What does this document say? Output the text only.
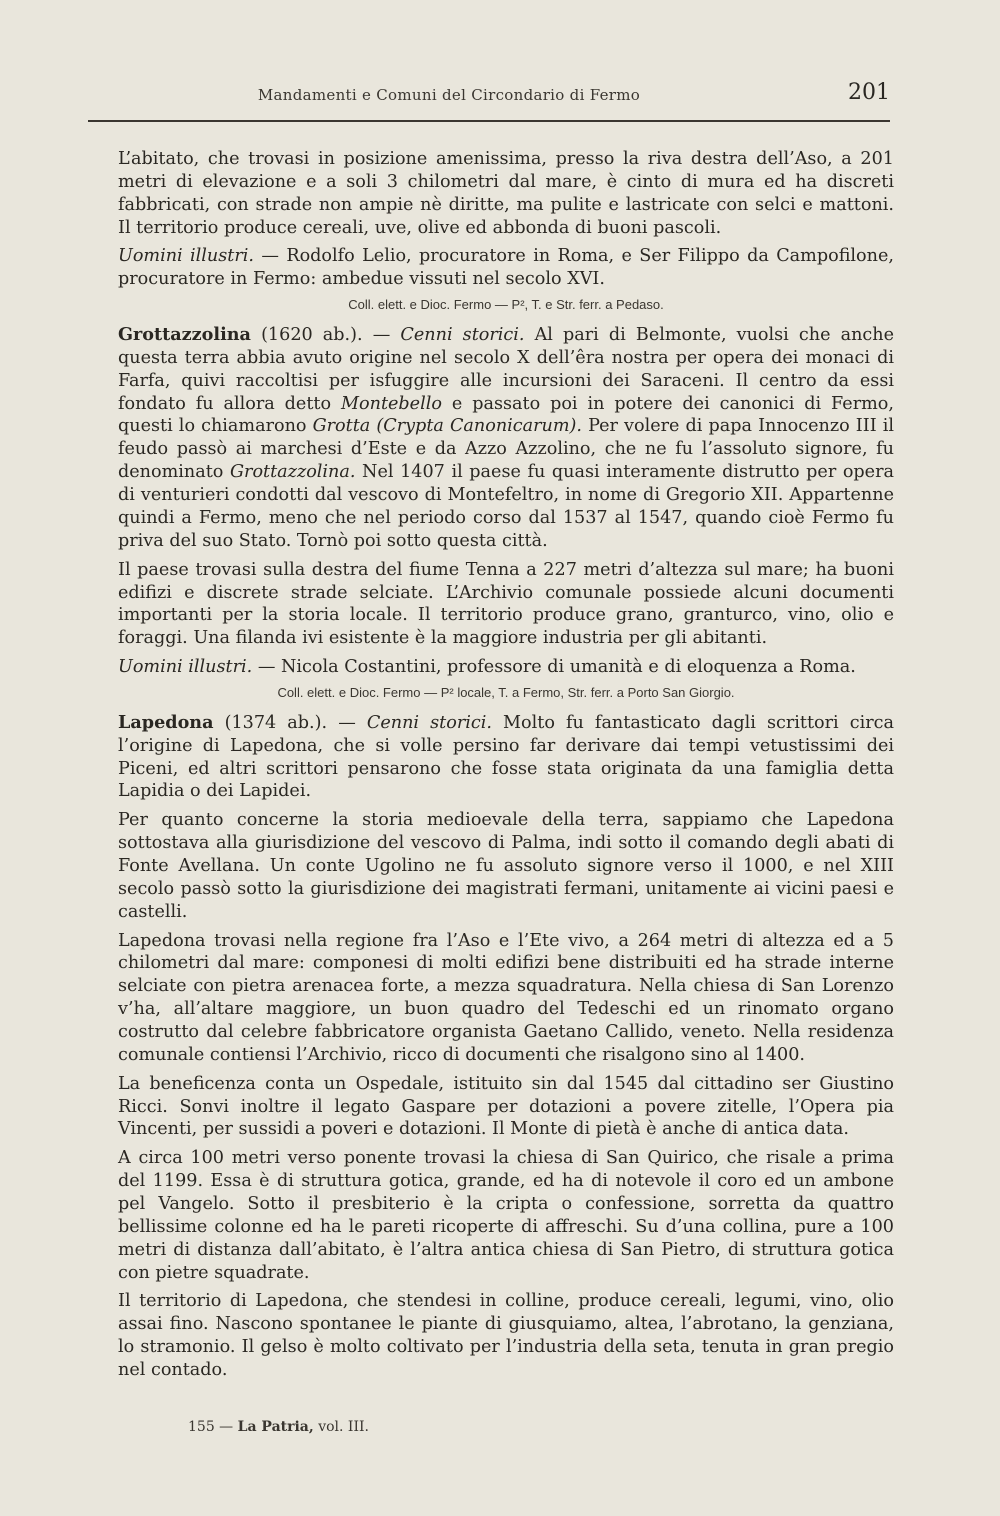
Mandamenti e Comuni del Circondario di Fermo	201

L’abitato, che trovasi in posizione amenissima, presso la riva destra dell’Aso, a 201 metri di elevazione e a soli 3 chilometri dal mare, è cinto di mura ed ha discreti fabbricati, con strade non ampie nè diritte, ma pulite e lastricate con selci e mattoni. Il territorio produce cereali, uve, olive ed abbonda di buoni pascoli.

Uomini illustri. — Rodolfo Lelio, procuratore in Roma, e Ser Filippo da Campofilone, procuratore in Fermo: ambedue vissuti nel secolo XVI.

Coll. elett. e Dioc. Fermo — P², T. e Str. ferr. a Pedaso.

Grottazzolina (1620 ab.). — Cenni storici. Al pari di Belmonte, vuolsi che anche questa terra abbia avuto origine nel secolo X dell’êra nostra per opera dei monaci di Farfa, quivi raccoltisi per isfuggire alle incursioni dei Saraceni. Il centro da essi fondato fu allora detto Montebello e passato poi in potere dei canonici di Fermo, questi lo chiamarono Grotta (Crypta Canonicarum). Per volere di papa Innocenzo III il feudo passò ai marchesi d’Este e da Azzo Azzolino, che ne fu l’assoluto signore, fu denominato Grottazzolina. Nel 1407 il paese fu quasi interamente distrutto per opera di venturieri condotti dal vescovo di Montefeltro, in nome di Gregorio XII. Appartenne quindi a Fermo, meno che nel periodo corso dal 1537 al 1547, quando cioè Fermo fu priva del suo Stato. Tornò poi sotto questa città.

Il paese trovasi sulla destra del fiume Tenna a 227 metri d’altezza sul mare; ha buoni edifizi e discrete strade selciate. L’Archivio comunale possiede alcuni documenti importanti per la storia locale. Il territorio produce grano, granturco, vino, olio e foraggi. Una filanda ivi esistente è la maggiore industria per gli abitanti.

Uomini illustri. — Nicola Costantini, professore di umanità e di eloquenza a Roma.

Coll. elett. e Dioc. Fermo — P² locale, T. a Fermo, Str. ferr. a Porto San Giorgio.

Lapedona (1374 ab.). — Cenni storici. Molto fu fantasticato dagli scrittori circa l’origine di Lapedona, che si volle persino far derivare dai tempi vetustissimi dei Piceni, ed altri scrittori pensarono che fosse stata originata da una famiglia detta Lapidia o dei Lapidei.

Per quanto concerne la storia medioevale della terra, sappiamo che Lapedona sottostava alla giurisdizione del vescovo di Palma, indi sotto il comando degli abati di Fonte Avellana. Un conte Ugolino ne fu assoluto signore verso il 1000, e nel XIII secolo passò sotto la giurisdizione dei magistrati fermani, unitamente ai vicini paesi e castelli.

Lapedona trovasi nella regione fra l’Aso e l’Ete vivo, a 264 metri di altezza ed a 5 chilometri dal mare: componesi di molti edifizi bene distribuiti ed ha strade interne selciate con pietra arenacea forte, a mezza squadratura. Nella chiesa di San Lorenzo v’ha, all’altare maggiore, un buon quadro del Tedeschi ed un rinomato organo costrutto dal celebre fabbricatore organista Gaetano Callido, veneto. Nella residenza comunale contiensi l’Archivio, ricco di documenti che risalgono sino al 1400.

La beneficenza conta un Ospedale, istituito sin dal 1545 dal cittadino ser Giustino Ricci. Sonvi inoltre il legato Gaspare per dotazioni a povere zitelle, l’Opera pia Vincenti, per sussidi a poveri e dotazioni. Il Monte di pietà è anche di antica data.

A circa 100 metri verso ponente trovasi la chiesa di San Quirico, che risale a prima del 1199. Essa è di struttura gotica, grande, ed ha di notevole il coro ed un ambone pel Vangelo. Sotto il presbiterio è la cripta o confessione, sorretta da quattro bellissime colonne ed ha le pareti ricoperte di affreschi. Su d’una collina, pure a 100 metri di distanza dall’abitato, è l’altra antica chiesa di San Pietro, di struttura gotica con pietre squadrate.

Il territorio di Lapedona, che stendesi in colline, produce cereali, legumi, vino, olio assai fino. Nascono spontanee le piante di giusquiamo, altea, l’abrotano, la genziana, lo stramonio. Il gelso è molto coltivato per l’industria della seta, tenuta in gran pregio nel contado.

155 — La Patria, vol. III.
